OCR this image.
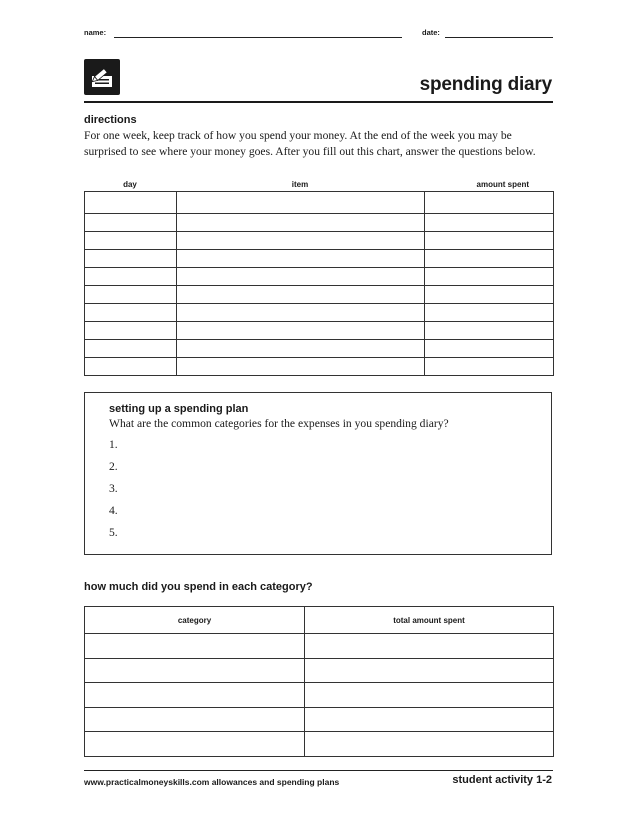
name:	date:
spending diary
directions
For one week, keep track of how you spend your money. At the end of the week you may be surprised to see where your money goes. After you fill out this chart, answer the questions below.
day	item	amount spent

setting up a spending plan
What are the common categories for the expenses in you spending diary?
1.
2.
3.
4.
5.
how much did you spend in each category?
category	total amount spent

www.practicalmoneyskills.com allowances and spending plans	student activity 1-2
